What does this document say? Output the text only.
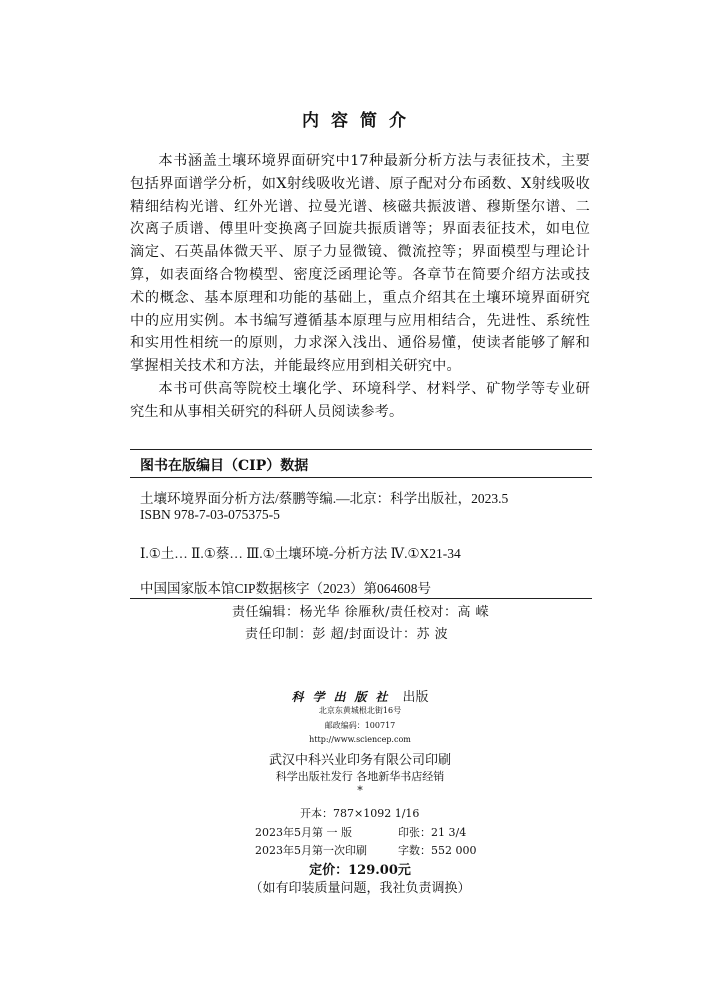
内容简介

本书涵盖土壤环境界面研究中17种最新分析方法与表征技术，主要包括界面谱学分析，如X射线吸收光谱、原子配对分布函数、X射线吸收精细结构光谱、红外光谱、拉曼光谱、核磁共振波谱、穆斯堡尔谱、二次离子质谱、傅里叶变换离子回旋共振质谱等；界面表征技术，如电位滴定、石英晶体微天平、原子力显微镜、微流控等；界面模型与理论计算，如表面络合物模型、密度泛函理论等。各章节在简要介绍方法或技术的概念、基本原理和功能的基础上，重点介绍其在土壤环境界面研究中的应用实例。本书编写遵循基本原理与应用相结合，先进性、系统性和实用性相统一的原则，力求深入浅出、通俗易懂，使读者能够了解和掌握相关技术和方法，并能最终应用到相关研究中。

本书可供高等院校土壤化学、环境科学、材料学、矿物学等专业研究生和从事相关研究的科研人员阅读参考。

图书在版编目（CIP）数据
土壤环境界面分析方法/蔡鹏等编.—北京：科学出版社，2023.5
ISBN 978-7-03-075375-5
Ⅰ.①土… Ⅱ.①蔡… Ⅲ.①土壤环境-分析方法 Ⅳ.①X21-34
中国国家版本馆CIP数据核字（2023）第064608号
责任编辑：杨光华 徐雁秋/责任校对：高 嵘
责任印制：彭 超/封面设计：苏 波
科学出版社 出版
北京东黄城根北街16号
邮政编码：100717
http://www.sciencep.com
武汉中科兴业印务有限公司印刷
科学出版社发行 各地新华书店经销
*
开本：787×1092 1/16
2023年5月第 一 版	印张：21 3/4
2023年5月第一次印刷	字数：552 000
定价：129.00元
（如有印装质量问题，我社负责调换）
